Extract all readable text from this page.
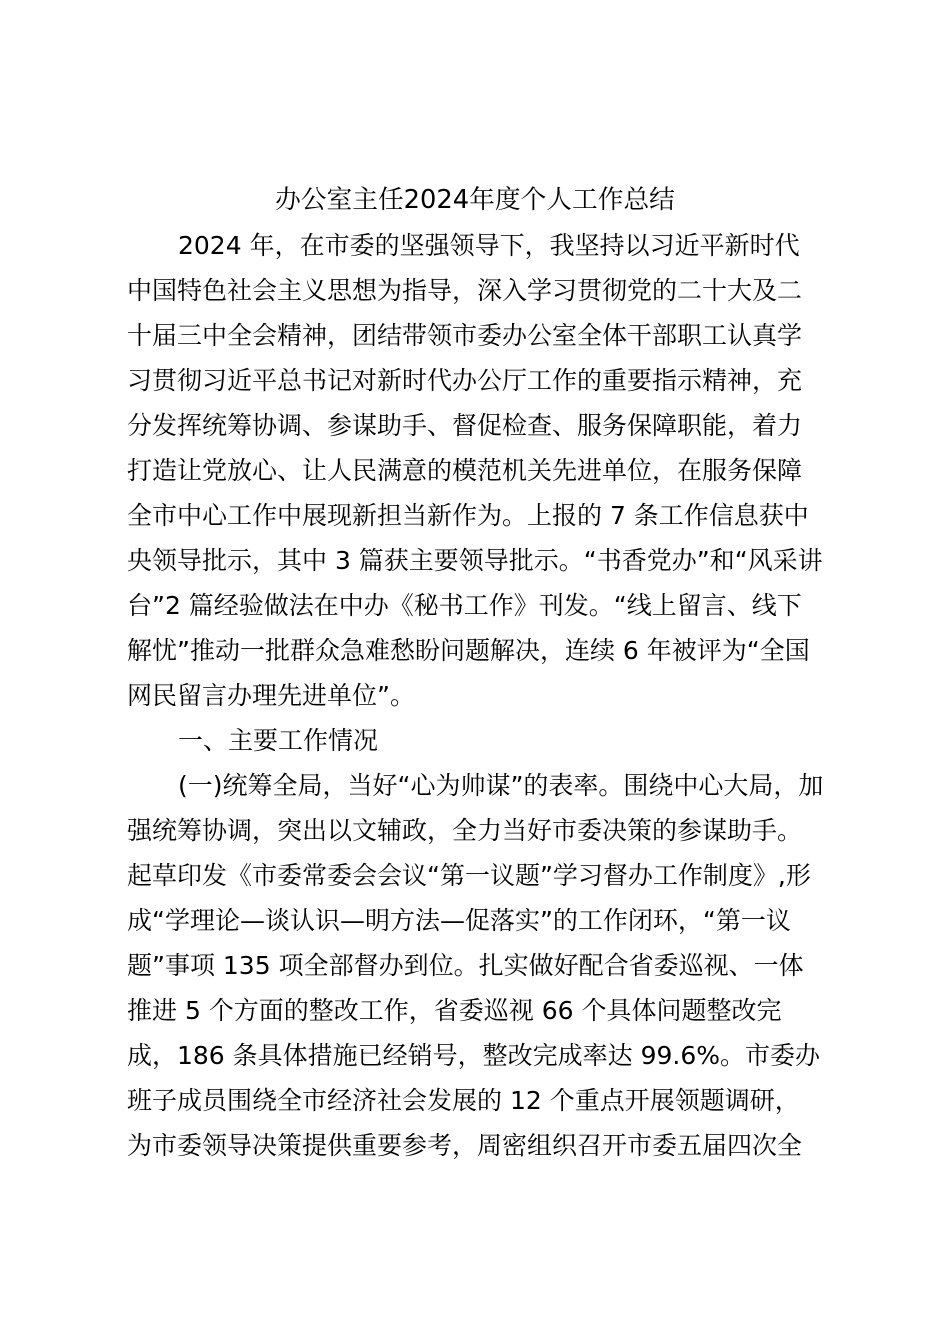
办公室主任2024年度个人工作总结
2024 年，在市委的坚强领导下，我坚持以习近平新时代
中国特色社会主义思想为指导，深入学习贯彻党的二十大及二
十届三中全会精神，团结带领市委办公室全体干部职工认真学
习贯彻习近平总书记对新时代办公厅工作的重要指示精神，充
分发挥统筹协调、参谋助手、督促检查、服务保障职能，着力
打造让党放心、让人民满意的模范机关先进单位，在服务保障
全市中心工作中展现新担当新作为。上报的 7 条工作信息获中
央领导批示，其中 3 篇获主要领导批示。“书香党办”和“风采讲
台”2 篇经验做法在中办《秘书工作》刊发。“线上留言、线下
解忧”推动一批群众急难愁盼问题解决，连续 6 年被评为“全国
网民留言办理先进单位”。
一、主要工作情况
(一)统筹全局，当好“心为帅谋”的表率。围绕中心大局，加
强统筹协调，突出以文辅政，全力当好市委决策的参谋助手。
起草印发《市委常委会会议“第一议题”学习督办工作制度》,形
成“学理论—谈认识—明方法—促落实”的工作闭环，“第一议
题”事项 135 项全部督办到位。扎实做好配合省委巡视、一体
推进 5 个方面的整改工作，省委巡视 66 个具体问题整改完
成，186 条具体措施已经销号，整改完成率达 99.6%。市委办
班子成员围绕全市经济社会发展的 12 个重点开展领题调研，
为市委领导决策提供重要参考，周密组织召开市委五届四次全
